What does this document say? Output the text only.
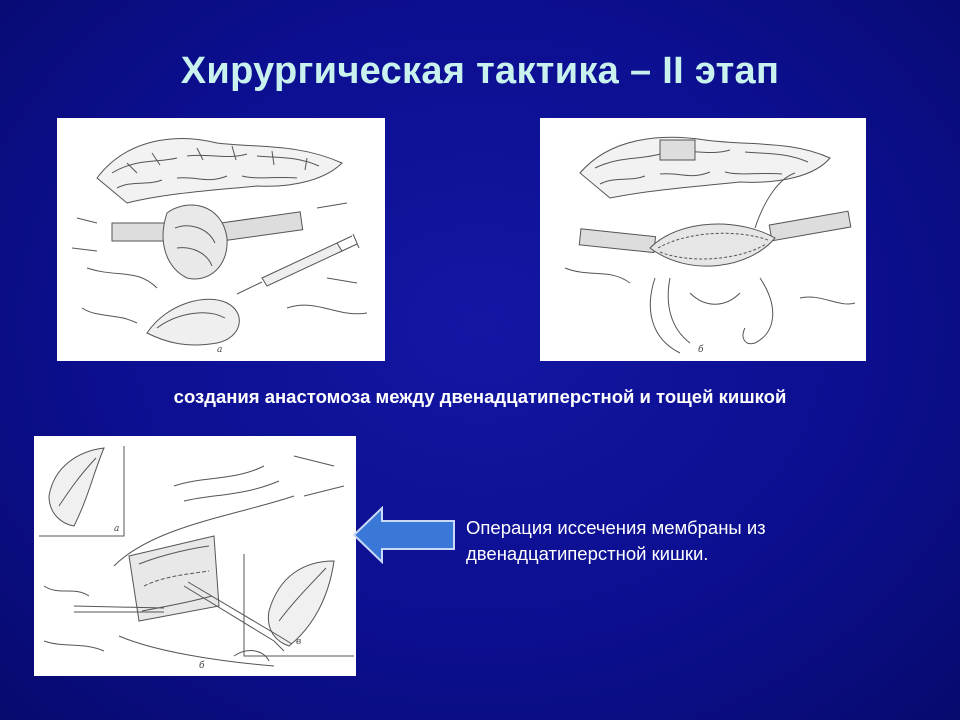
Хирургическая тактика – II этап
а	б
создания анастомоза между двенадцатиперстной и тощей кишкой
а
б
в
Операция иссечения мембраны из
двенадцатиперстной кишки.
